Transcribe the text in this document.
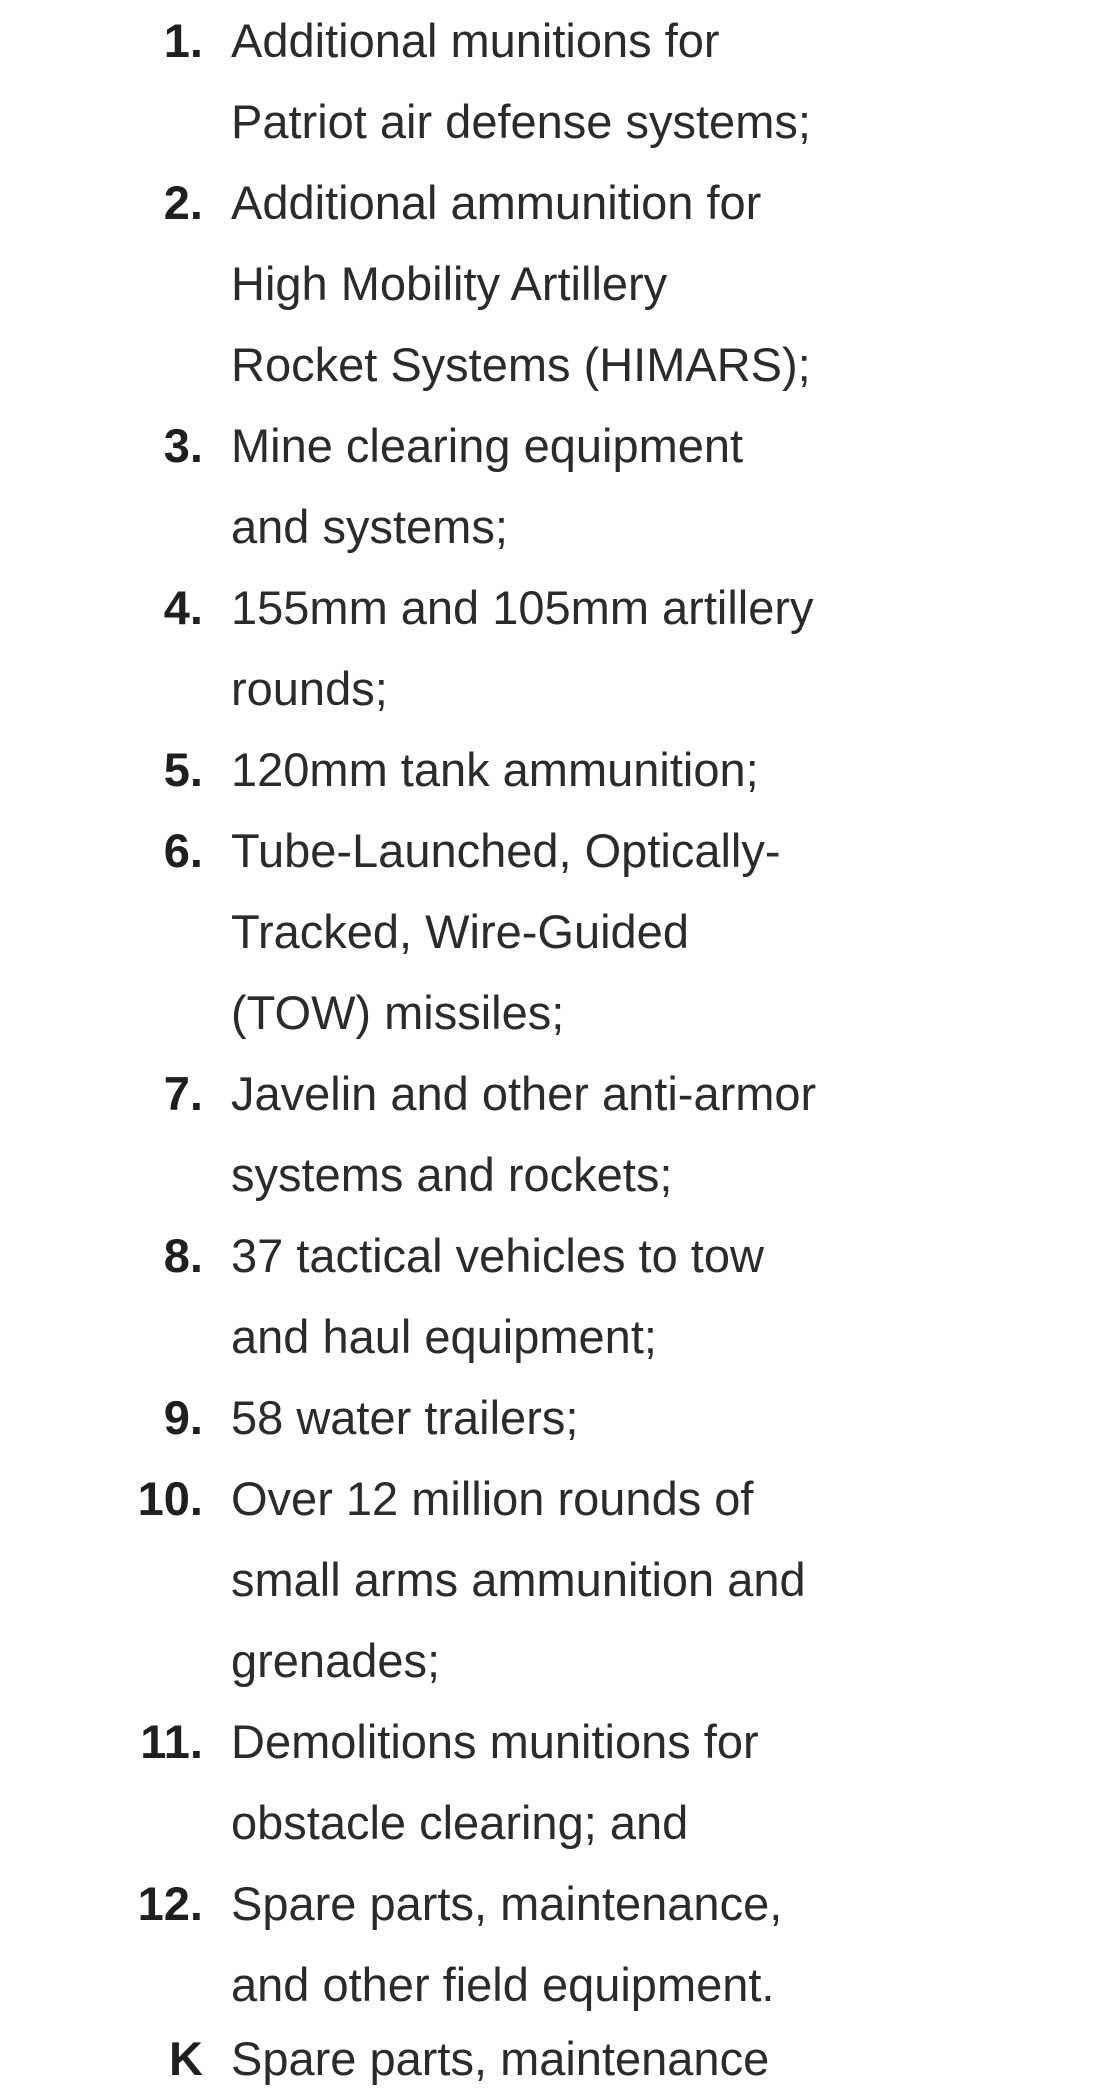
1. Additional munitions for
Patriot air defense systems;
2. Additional ammunition for
High Mobility Artillery
Rocket Systems (HIMARS);
3. Mine clearing equipment
and systems;
4. 155mm and 105mm artillery
rounds;
5. 120mm tank ammunition;
6. Tube-Launched, Optically-
Tracked, Wire-Guided
(TOW) missiles;
7. Javelin and other anti-armor
systems and rockets;
8. 37 tactical vehicles to tow
and haul equipment;
9. 58 water trailers;
10. Over 12 million rounds of
small arms ammunition and
grenades;
11. Demolitions munitions for
obstacle clearing; and
12. Spare parts, maintenance,
and other field equipment.
K Spare parts, maintenance
